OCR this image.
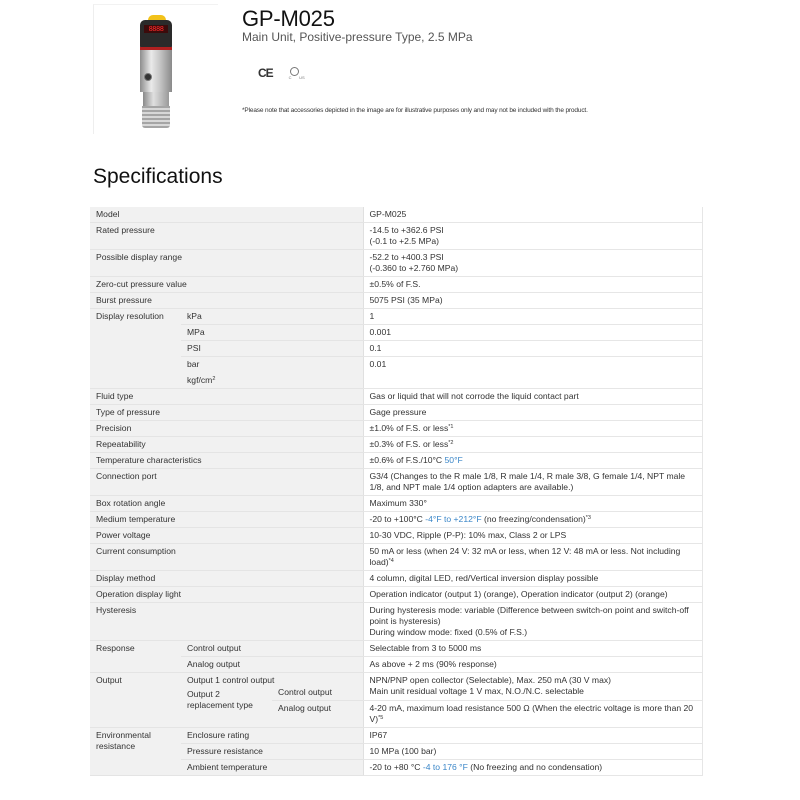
8888	GP-M025
Main Unit, Positive-pressure Type, 2.5 MPa
CE	C US
*Please note that accessories depicted in the image are for illustrative purposes only and may not be included with the product.
Specifications
Model			GP-M025
Rated pressure			-14.5 to +362.6 PSI
(-0.1 to +2.5 MPa)
Possible display range			-52.2 to +400.3 PSI
(-0.360 to +2.760 MPa)
Zero-cut pressure value			±0.5% of F.S.
Burst pressure			5075 PSI (35 MPa)
Display resolution	kPa		1
	MPa		0.001
	PSI		0.1
	bar		0.01
	kgf/$cm^2$
Fluid type			Gas or liquid that will not corrode the liquid contact part
Type of pressure			Gage pressure
Precision			±1.0% of F.S. or less$^{*1}$
Repeatability			±0.3% of F.S. or less$^{*2}$
Temperature characteristics			±0.6% of F.S./10°C 50°F
Connection port			G3/4 (Changes to the R male 1/8, R male 1/4, R male 3/8, G female 1/4, NPT male 1/8, and NPT male 1/4 option adapters are available.)
Box rotation angle			Maximum 330°
Medium temperature			-20 to +100°C -4°F to +212°F (no freezing/condensation)$^{*3}$
Power voltage			10-30 VDC, Ripple (P-P): 10% max, Class 2 or LPS
Current consumption			50 mA or less (when 24 V: 32 mA or less, when 12 V: 48 mA or less. Not including load)$^{*4}$
Display method			4 column, digital LED, red/Vertical inversion display possible
Operation display light			Operation indicator (output 1) (orange), Operation indicator (output 2) (orange)
Hysteresis			During hysteresis mode: variable (Difference between switch-on point and switch-off point is hysteresis)
During window mode: fixed (0.5% of F.S.)
Response	Control output		Selectable from 3 to 5000 ms
	Analog output		As above + 2 ms (90% response)
Output	Output 1 control output		NPN/PNP open collector (Selectable), Max. 250 mA (30 V max)
Main unit residual voltage 1 V max, N.O./N.C. selectable
	Output 2 replacement type	Control output	
		Analog output	4-20 mA, maximum load resistance 500 Ω (When the electric voltage is more than 20 V)$^{*5}$
Environmental resistance	Enclosure rating		IP67
	Pressure resistance		10 MPa (100 bar)
	Ambient temperature		-20 to +80 °C -4 to 176 °F (No freezing and no condensation)
